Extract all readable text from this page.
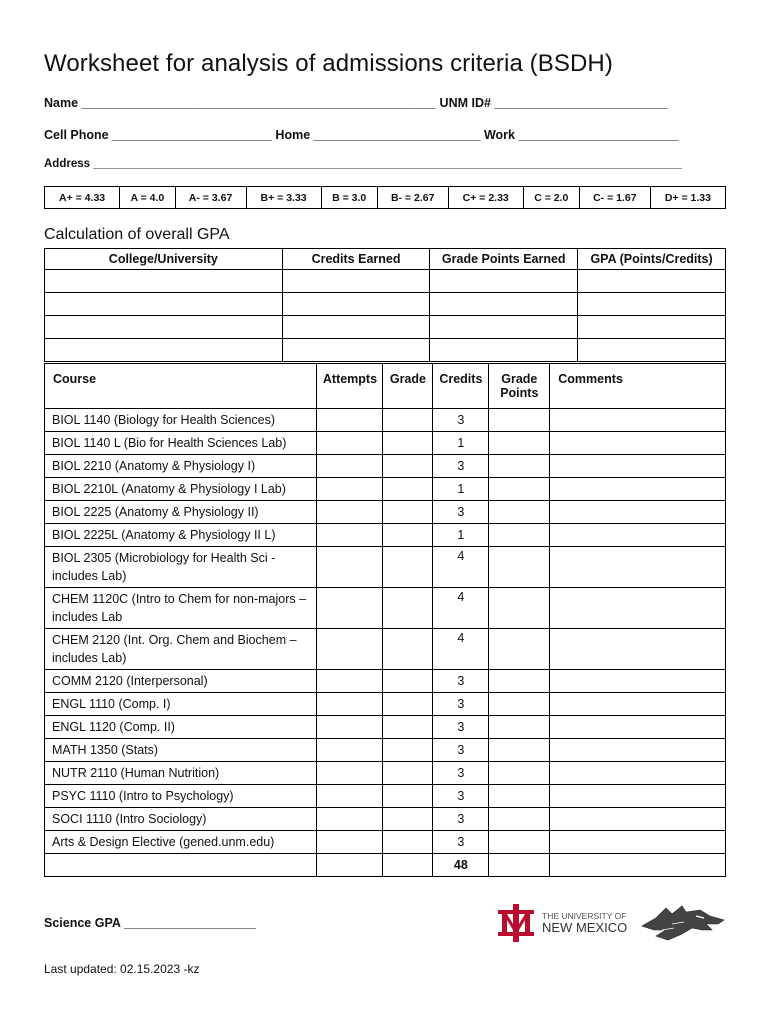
Worksheet for analysis of admissions criteria (BSDH)
Name ___________________________________________________ UNM ID# _________________________
Cell Phone _______________________ Home ________________________ Work _______________________
Address ____________________________________________________________________________________________
A+ = 4.33	A = 4.0	A- = 3.67	B+ = 3.33	B = 3.0	B- = 2.67	C+ = 2.33	C = 2.0	C- = 1.67	D+ = 1.33
Calculation of overall GPA
College/University	Credits Earned	Grade Points Earned	GPA (Points/Credits)

Course	Attempts	Grade	Credits	Grade Points	Comments
BIOL 1140 (Biology for Health Sciences)			3		
BIOL 1140 L (Bio for Health Sciences Lab)			1		
BIOL 2210 (Anatomy & Physiology I)			3		
BIOL 2210L (Anatomy & Physiology I Lab)			1		
BIOL 2225 (Anatomy & Physiology II)			3		
BIOL 2225L (Anatomy & Physiology II L)			1		
BIOL 2305 (Microbiology for Health Sci - includes Lab)			4		
CHEM 1120C (Intro to Chem for non-majors – includes Lab			4		
CHEM 2120 (Int. Org. Chem and Biochem – includes Lab)			4		
COMM 2120 (Interpersonal)			3		
ENGL 1110 (Comp. I)			3		
ENGL 1120 (Comp. II)			3		
MATH 1350 (Stats)			3		
NUTR 2110 (Human Nutrition)			3		
PSYC 1110 (Intro to Psychology)			3		
SOCI 1110 (Intro Sociology)			3		
Arts & Design Elective (gened.unm.edu)			3		
			48		
Science GPA ___________________
Last updated: 02.15.2023 -kz
THE UNIVERSITY OF
NEW MEXICO
